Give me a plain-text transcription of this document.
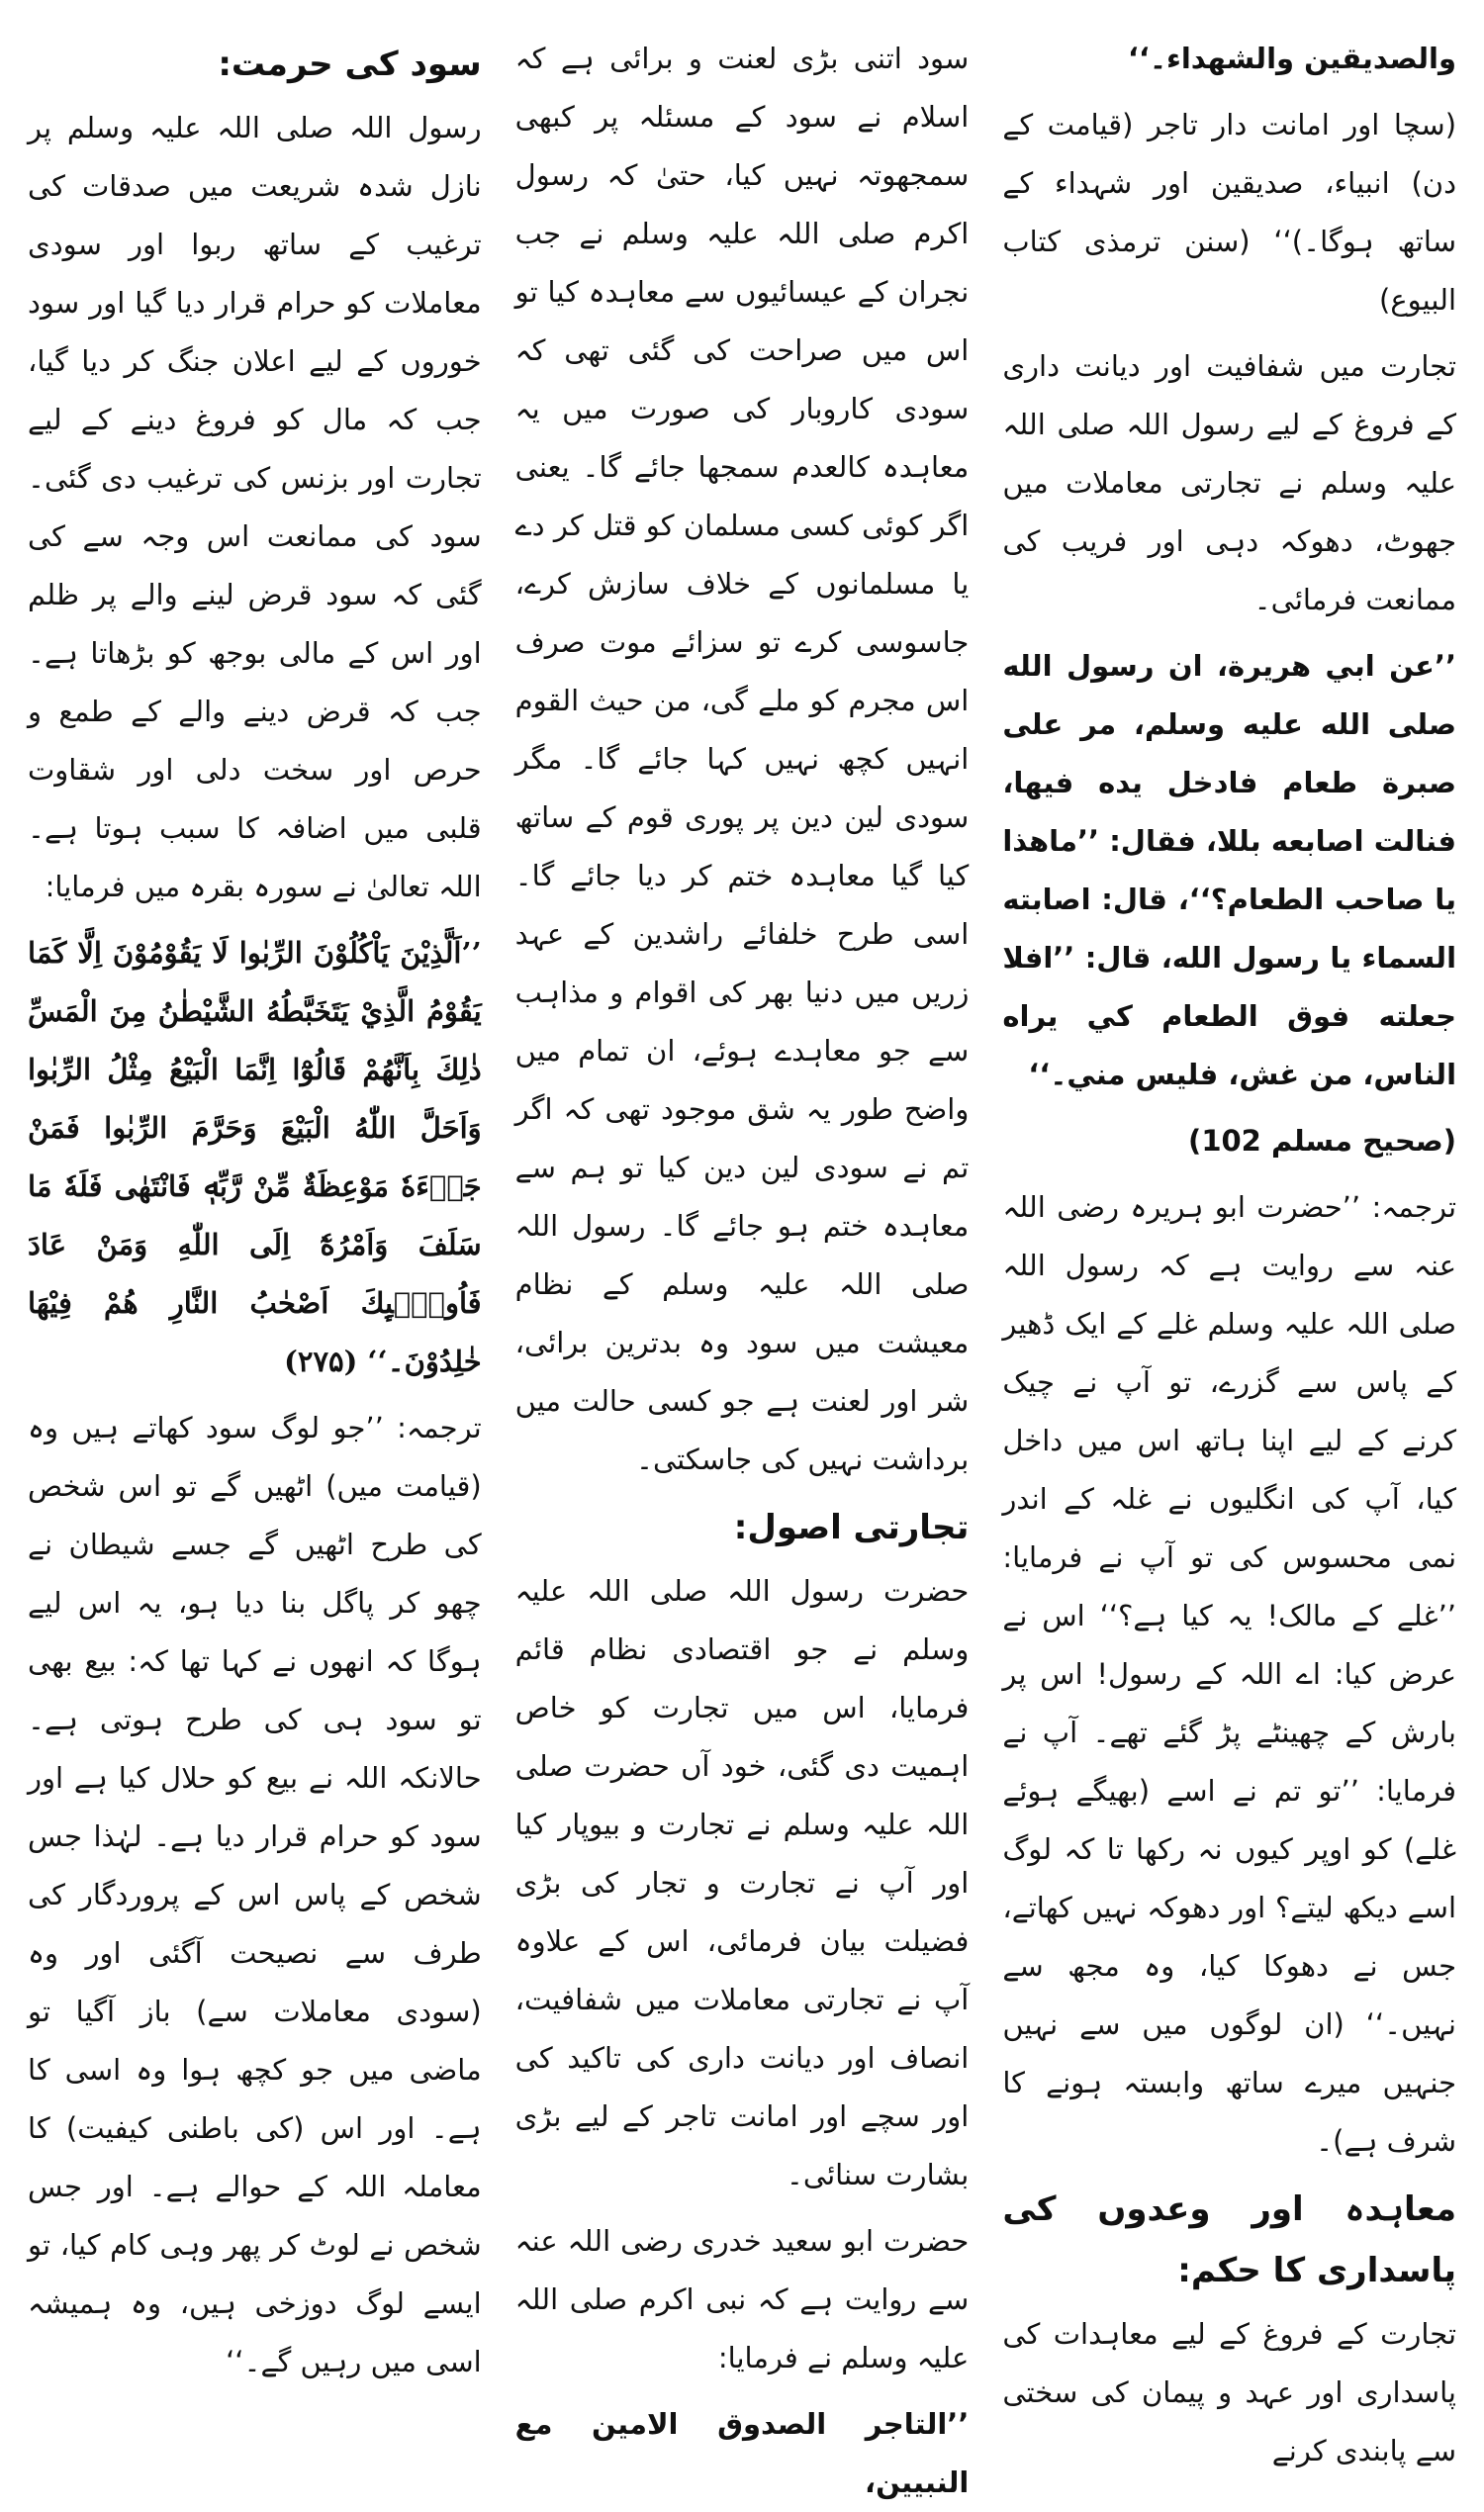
سود کی حرمت:

رسول اللہ صلی اللہ علیہ وسلم پر نازل شدہ شریعت میں صدقات کی ترغیب کے ساتھ ربوا اور سودی معاملات کو حرام قرار دیا گیا اور سود خوروں کے لیے اعلان جنگ کر دیا گیا، جب کہ مال کو فروغ دینے کے لیے تجارت اور بزنس کی ترغیب دی گئی۔ سود کی ممانعت اس وجہ سے کی گئی کہ سود قرض لینے والے پر ظلم اور اس کے مالی بوجھ کو بڑھاتا ہے۔ جب کہ قرض دینے والے کے طمع و حرص اور سخت دلی اور شقاوت قلبی میں اضافہ کا سبب ہوتا ہے۔ اللہ تعالیٰ نے سورہ بقرہ میں فرمایا:

’’اَلَّذِيْنَ يَاْكُلُوْنَ الرِّبٰوا لَا يَقُوْمُوْنَ اِلَّا كَمَا يَقُوْمُ الَّذِيْ يَتَخَبَّطُهُ الشَّيْطٰنُ مِنَ الْمَسِّ ذٰلِكَ بِاَنَّهُمْ قَالُوْٓا اِنَّمَا الْبَيْعُ مِثْلُ الرِّبٰوا وَاَحَلَّ اللّٰهُ الْبَيْعَ وَحَرَّمَ الرِّبٰوا فَمَنْ جَاۗءَهٗ مَوْعِظَةٌ مِّنْ رَّبِّهٖ فَانْتَهٰى فَلَهٗ مَا سَلَفَ وَاَمْرُهٗٓ اِلَى اللّٰهِ وَمَنْ عَادَ فَاُولٰۗىِٕكَ اَصْحٰبُ النَّارِ هُمْ فِيْهَا خٰلِدُوْنَ۔‘‘ (۲۷۵)

ترجمہ: ’’جو لوگ سود کھاتے ہیں وہ (قیامت میں) اٹھیں گے تو اس شخص کی طرح اٹھیں گے جسے شیطان نے چھو کر پاگل بنا دیا ہو، یہ اس لیے ہوگا کہ انھوں نے کہا تھا کہ: بیع بھی تو سود ہی کی طرح ہوتی ہے۔ حالانکہ اللہ نے بیع کو حلال کیا ہے اور سود کو حرام قرار دیا ہے۔ لہٰذا جس شخص کے پاس اس کے پروردگار کی طرف سے نصیحت آگئی اور وہ (سودی معاملات سے) باز آگیا تو ماضی میں جو کچھ ہوا وہ اسی کا ہے۔ اور اس (کی باطنی کیفیت) کا معاملہ اللہ کے حوالے ہے۔ اور جس شخص نے لوٹ کر پھر وہی کام کیا، تو ایسے لوگ دوزخی ہیں، وہ ہمیشہ اسی میں رہیں گے۔‘‘

سود اتنی بڑی لعنت و برائی ہے کہ اسلام نے سود کے مسئلہ پر کبھی سمجھوتہ نہیں کیا، حتیٰ کہ رسول اکرم صلی اللہ علیہ وسلم نے جب نجران کے عیسائیوں سے معاہدہ کیا تو اس میں صراحت کی گئی تھی کہ سودی کاروبار کی صورت میں یہ معاہدہ کالعدم سمجھا جائے گا۔ یعنی اگر کوئی کسی مسلمان کو قتل کر دے یا مسلمانوں کے خلاف سازش کرے، جاسوسی کرے تو سزائے موت صرف اس مجرم کو ملے گی، من حیث القوم انہیں کچھ نہیں کہا جائے گا۔ مگر سودی لین دین پر پوری قوم کے ساتھ کیا گیا معاہدہ ختم کر دیا جائے گا۔ اسی طرح خلفائے راشدین کے عہد زریں میں دنیا بھر کی اقوام و مذاہب سے جو معاہدے ہوئے، ان تمام میں واضح طور یہ شق موجود تھی کہ اگر تم نے سودی لین دین کیا تو ہم سے معاہدہ ختم ہو جائے گا۔ رسول اللہ صلی اللہ علیہ وسلم کے نظام معیشت میں سود وہ بدترین برائی، شر اور لعنت ہے جو کسی حالت میں برداشت نہیں کی جاسکتی۔

تجارتی اصول:

حضرت رسول اللہ صلی اللہ علیہ وسلم نے جو اقتصادی نظام قائم فرمایا، اس میں تجارت کو خاص اہمیت دی گئی، خود آں حضرت صلی اللہ علیہ وسلم نے تجارت و بیوپار کیا اور آپ نے تجارت و تجار کی بڑی فضیلت بیان فرمائی، اس کے علاوہ آپ نے تجارتی معاملات میں شفافیت، انصاف اور دیانت داری کی تاکید کی اور سچے اور امانت تاجر کے لیے بڑی بشارت سنائی۔

حضرت ابو سعید خدری رضی اللہ عنہ سے روایت ہے کہ نبی اکرم صلی اللہ علیہ وسلم نے فرمایا:

’’التاجر الصدوق الامين مع النبيين،

والصديقين والشهداء۔‘‘

(سچا اور امانت دار تاجر (قیامت کے دن) انبیاء، صدیقین اور شہداء کے ساتھ ہوگا۔)‘‘ (سنن ترمذی کتاب البیوع)

تجارت میں شفافیت اور دیانت داری کے فروغ کے لیے رسول اللہ صلی اللہ علیہ وسلم نے تجارتی معاملات میں جھوٹ، دھوکہ دہی اور فریب کی ممانعت فرمائی۔

’’عن ابي هريرة، ان رسول الله صلی الله عليه وسلم، مر علی صبرة طعام فادخل يده فيها، فنالت اصابعه بللا، فقال: ’’ماهذا يا صاحب الطعام؟‘‘، قال: اصابته السماء يا رسول الله، قال: ’’افلا جعلته فوق الطعام كي يراه الناس، من غش، فليس مني۔‘‘

(صحیح مسلم 102)

ترجمہ: ’’حضرت ابو ہریرہ رضی اللہ عنہ سے روایت ہے کہ رسول اللہ صلی اللہ علیہ وسلم غلے کے ایک ڈھیر کے پاس سے گزرے، تو آپ نے چیک کرنے کے لیے اپنا ہاتھ اس میں داخل کیا، آپ کی انگلیوں نے غلہ کے اندر نمی محسوس کی تو آپ نے فرمایا: ’’غلے کے مالک! یہ کیا ہے؟‘‘ اس نے عرض کیا: اے اللہ کے رسول! اس پر بارش کے چھینٹے پڑ گئے تھے۔ آپ نے فرمایا: ’’تو تم نے اسے (بھیگے ہوئے غلے) کو اوپر کیوں نہ رکھا تا کہ لوگ اسے دیکھ لیتے؟ اور دھوکہ نہیں کھاتے، جس نے دھوکا کیا، وہ مجھ سے نہیں۔‘‘ (ان لوگوں میں سے نہیں جنہیں میرے ساتھ وابستہ ہونے کا شرف ہے)۔

معاہدہ اور وعدوں کی پاسداری کا حکم:

تجارت کے فروغ کے لیے معاہدات کی پاسداری اور عہد و پیمان کی سختی سے پابندی کرنے
